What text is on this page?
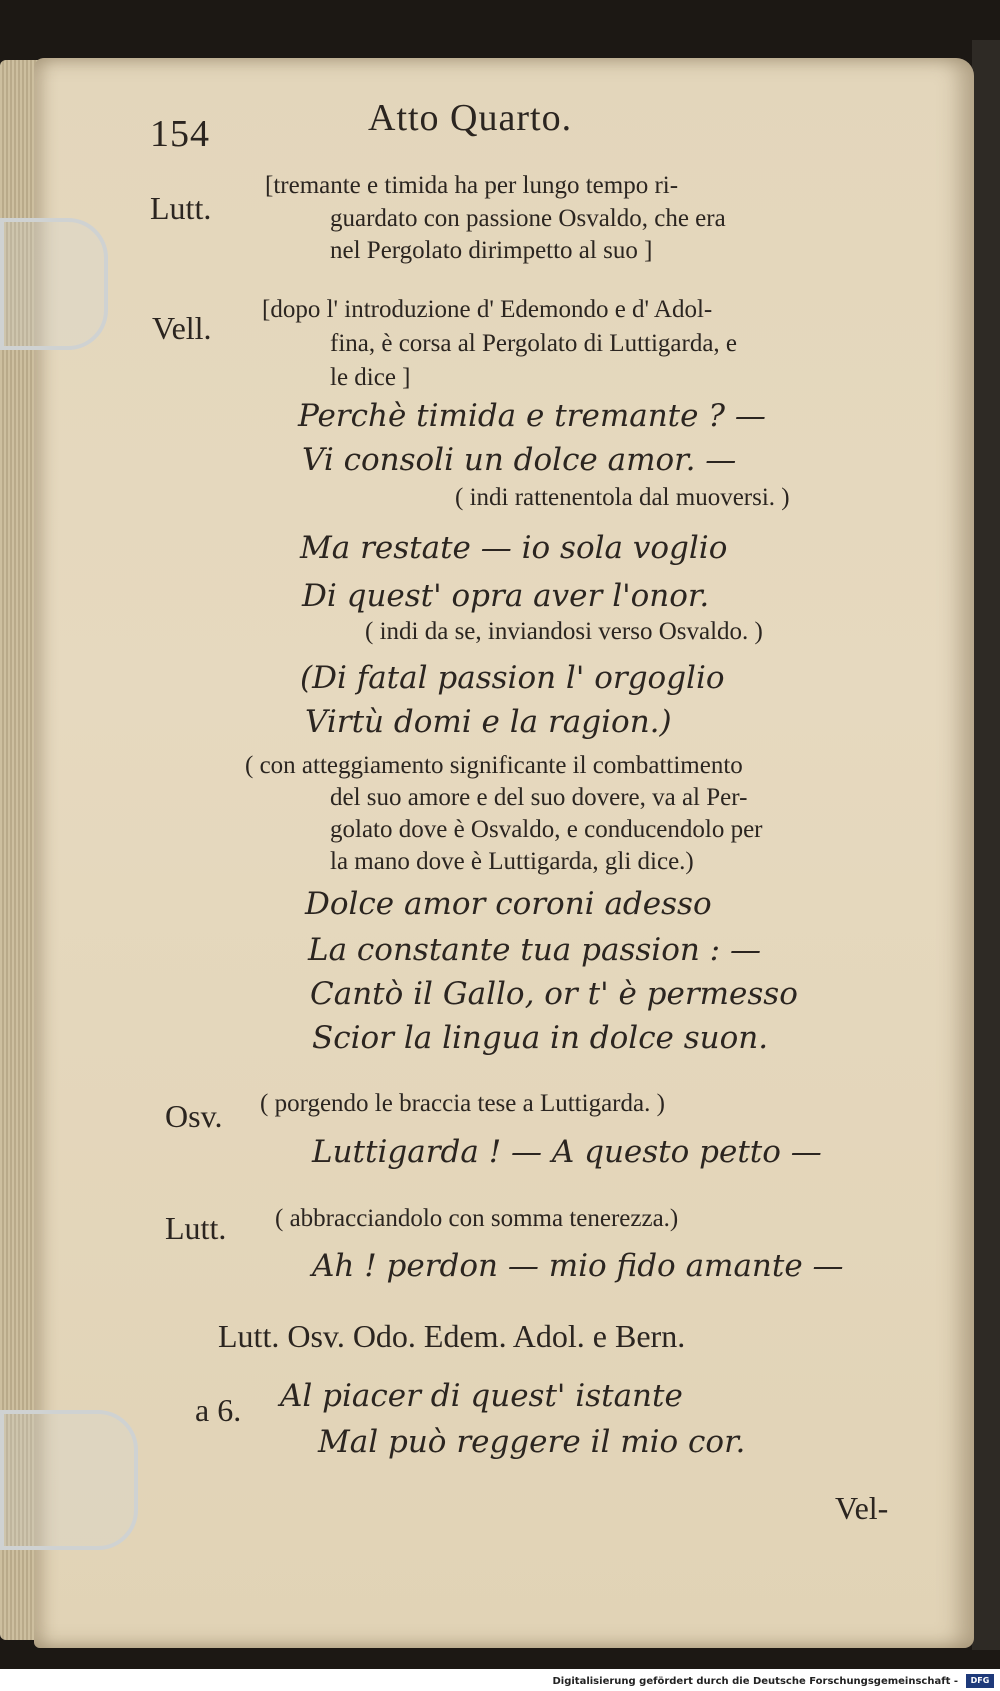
154	Atto Quarto.
Lutt.
[tremante e timida ha per lungo tempo ri-
guardato con passione Osvaldo, che era
nel Pergolato dirimpetto al suo ]
Vell.
[dopo l' introduzione d' Edemondo e d' Adol-
fina, è corsa al Pergolato di Luttigarda, e
le dice ]
Perchè timida e tremante ? —
Vi consoli un dolce amor. —
( indi rattenentola dal muoversi. )
Ma restate — io sola voglio
Di quest' opra aver l'onor.
( indi da se, inviandosi verso Osvaldo. )
(Di fatal passion l' orgoglio
Virtù domi e la ragion.)
( con atteggiamento significante il combattimento
del suo amore e del suo dovere, va al Per-
golato dove è Osvaldo, e conducendolo per
la mano dove è Luttigarda, gli dice.)
Dolce amor coroni adesso
La constante tua passion : —
Cantò il Gallo, or t' è permesso
Scior la lingua in dolce suon.
Osv. ( porgendo le braccia tese a Luttigarda. )
Luttigarda ! — A questo petto —
Lutt. ( abbracciandolo con somma tenerezza.)
Ah ! perdon — mio fido amante —
Lutt. Osv. Odo. Edem. Adol. e Bern.
a 6. Al piacer di quest' istante
Mal può reggere il mio cor.
Vel-
Digitalisierung gefördert durch die Deutsche Forschungsgemeinschaft -	DFG
